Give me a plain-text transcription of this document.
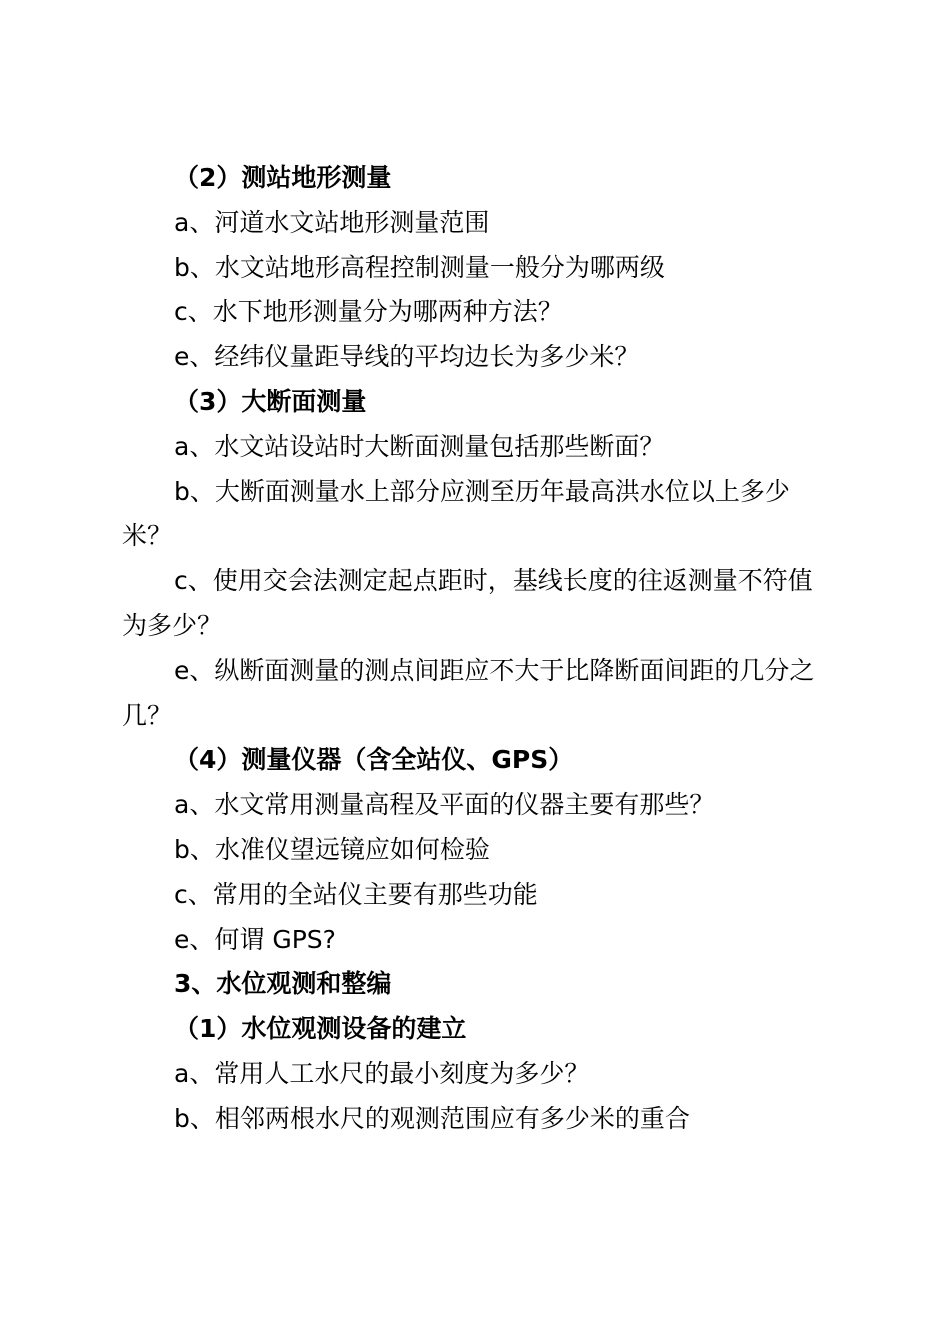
（2）测站地形测量

a、河道水文站地形测量范围

b、水文站地形高程控制测量一般分为哪两级

c、水下地形测量分为哪两种方法？

e、经纬仪量距导线的平均边长为多少米？

（3）大断面测量

a、水文站设站时大断面测量包括那些断面？

b、大断面测量水上部分应测至历年最高洪水位以上多少米？

c、使用交会法测定起点距时，基线长度的往返测量不符值为多少？

e、纵断面测量的测点间距应不大于比降断面间距的几分之几？

（4）测量仪器（含全站仪、GPS）

a、水文常用测量高程及平面的仪器主要有那些？

b、水准仪望远镜应如何检验

c、常用的全站仪主要有那些功能

e、何谓 GPS?

3、水位观测和整编

（1）水位观测设备的建立

a、常用人工水尺的最小刻度为多少？

b、相邻两根水尺的观测范围应有多少米的重合
